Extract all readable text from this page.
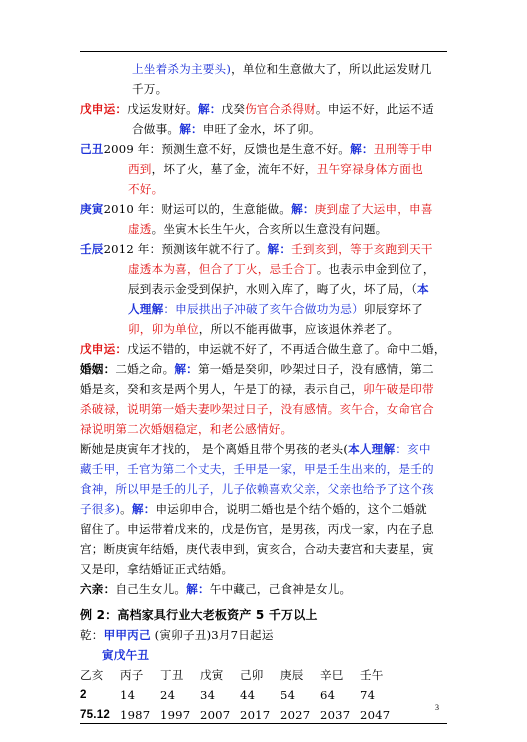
上坐着杀为主要头)，单位和生意做大了，所以此运发财几
千万。

戊申运：戊运发财好。解：戊癸伤官合杀得财。申运不好，此运不适
合做事。解：申旺了金水，坏了卯。

己丑2009 年：预测生意不好，反馈也是生意不好。解：丑刑等于申
西到，坏了火，墓了金，流年不好，丑午穿禄身体方面也
不好。

庚寅2010 年：财运可以的，生意能做。解：庚到虚了大运申，申喜
虚透。坐寅木长生午火，合亥所以生意没有问题。

壬辰2012 年：预测该年就不行了。解：壬到亥到，等于亥跑到天干
虚透本为喜，但合了丁火，忌壬合丁。也表示申金到位了，
辰到表示金受到保护，水则入库了，晦了火，坏了局，（本
人理解：申辰拱出子冲破了亥午合做功为忌）卯辰穿坏了
卯，卯为单位，所以不能再做事，应该退休养老了。

戊申运：戊运不错的，申运就不好了，不再适合做生意了。命中二婚，

婚姻：二婚之命。解：第一婚是癸卯，吵架过日子，没有感情，第二
婚是亥，癸和亥是两个男人，午是丁的禄，表示自己，卯午破是印带
杀破禄，说明第一婚夫妻吵架过日子，没有感情。亥午合，女命官合
禄说明第二次婚姻稳定，和老公感情好。

断她是庚寅年才找的， 是个离婚且带个男孩的老头(本人理解：亥中
藏壬甲，壬官为第二个丈夫，壬甲是一家，甲是壬生出来的，是壬的
食神，所以甲是壬的儿子，儿子依赖喜欢父亲，父亲也给予了这个孩
子很多)。解：申运卯申合，说明二婚也是个结个婚的，这个二婚就
留住了。申运带着戊来的，戊是伤官，是男孩，丙戊一家，内在子息
宫；断庚寅年结婚，庚代表申到，寅亥合，合动夫妻宫和夫妻星，寅
又是印，拿结婚证正式结婚。

六亲：自己生女儿。解：午中藏己，己食神是女儿。

例 2：高档家具行业大老板资产 5 千万以上

乾：甲甲丙己 (寅卯子丑)3月7日起运

寅戊午丑

乙亥	丙子	丁丑	戊寅	己卯	庚辰	辛巳	壬午
2	14	24	34	44	54	64	74
75.12 1987 1997 2007 2017 2027 2037 2047
3
